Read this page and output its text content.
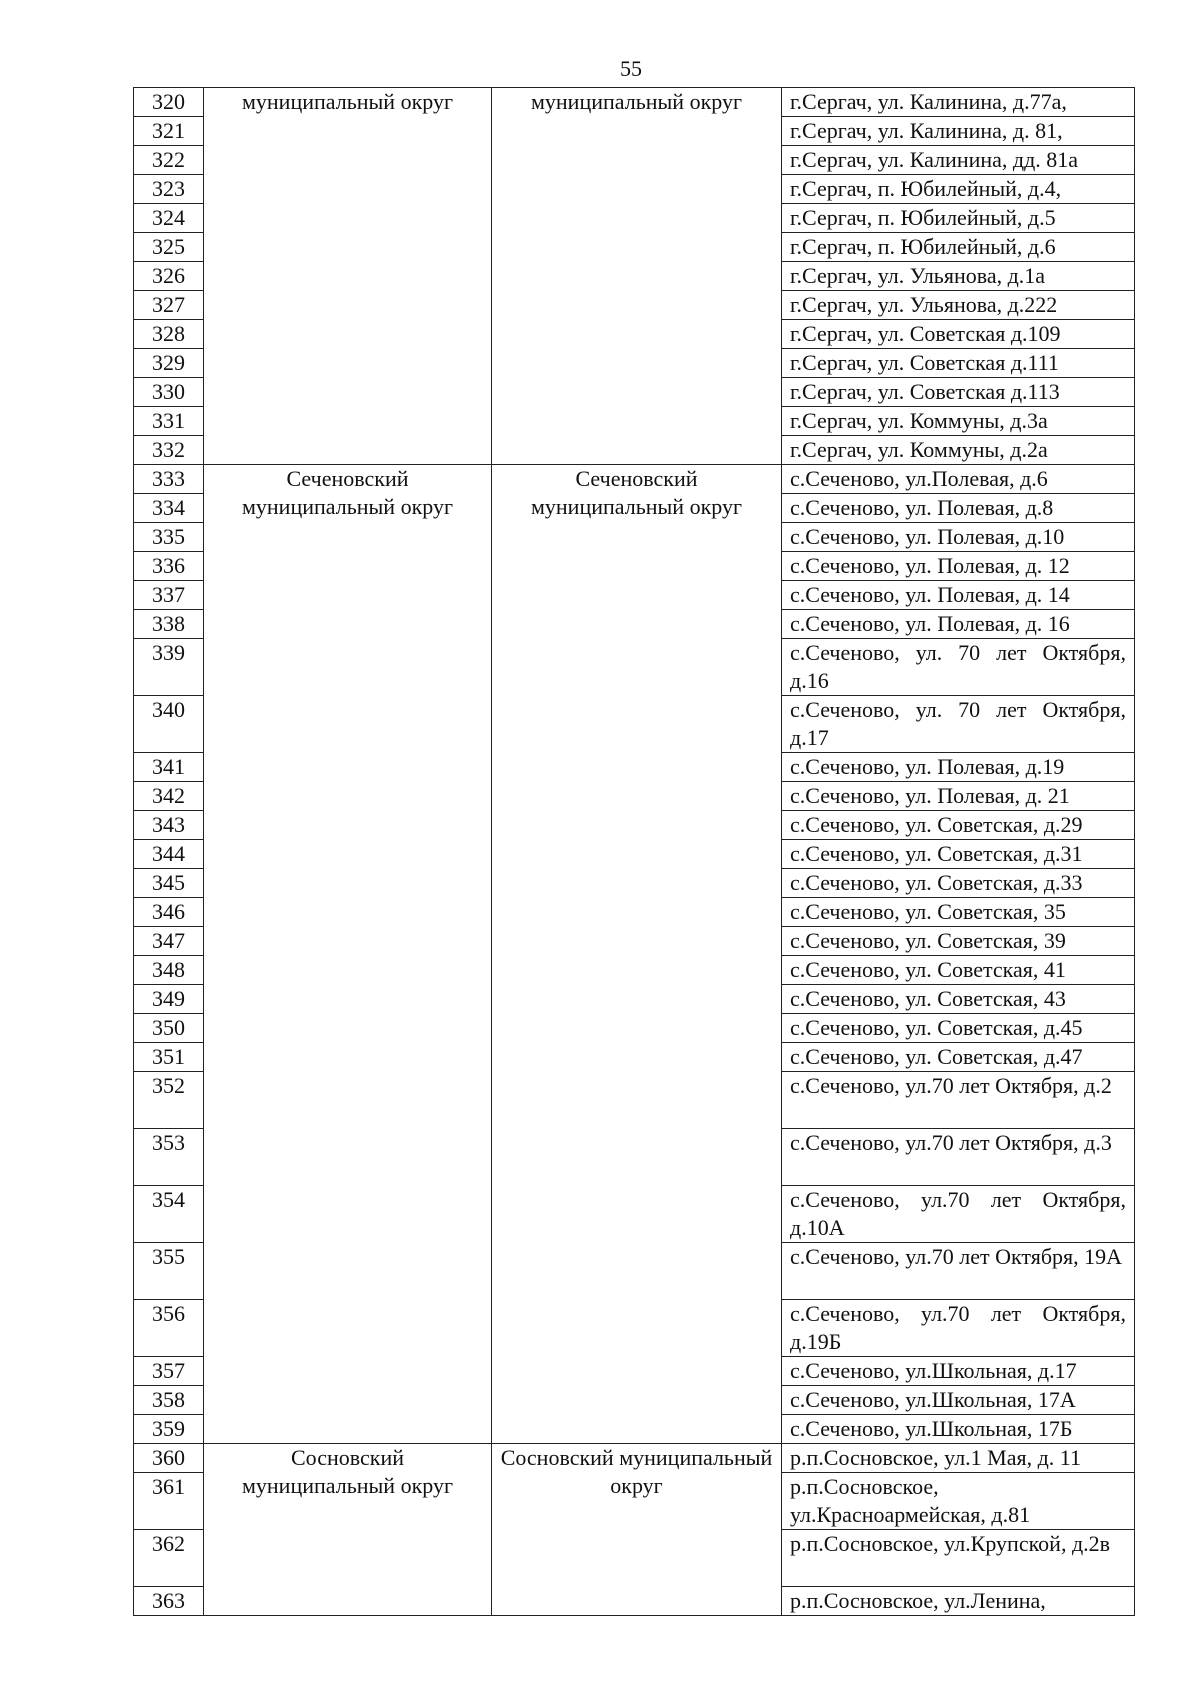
55
320	муниципальный округ	муниципальный округ	г.Сергач, ул. Калинина, д.77а,
321			г.Сергач, ул. Калинина, д. 81,
322			г.Сергач, ул. Калинина, дд. 81а
323			г.Сергач, п. Юбилейный, д.4,
324			г.Сергач, п. Юбилейный, д.5
325			г.Сергач, п. Юбилейный, д.6
326			г.Сергач, ул. Ульянова, д.1а
327			г.Сергач, ул. Ульянова, д.222
328			г.Сергач, ул. Советская д.109
329			г.Сергач, ул. Советская д.111
330			г.Сергач, ул. Советская д.113
331			г.Сергач, ул. Коммуны, д.3а
332			г.Сергач, ул. Коммуны, д.2а
333	Сеченовский муниципальный округ	Сеченовский муниципальный округ	с.Сеченово, ул.Полевая, д.6
334			с.Сеченово, ул. Полевая, д.8
335			с.Сеченово, ул. Полевая, д.10
336			с.Сеченово, ул. Полевая, д. 12
337			с.Сеченово, ул. Полевая, д. 14
338			с.Сеченово, ул. Полевая, д. 16
339			с.Сеченово, ул. 70 лет Октября, д.16
340			с.Сеченово, ул. 70 лет Октября, д.17
341			с.Сеченово, ул. Полевая, д.19
342			с.Сеченово, ул. Полевая, д. 21
343			с.Сеченово, ул. Советская, д.29
344			с.Сеченово, ул. Советская, д.31
345			с.Сеченово, ул. Советская, д.33
346			с.Сеченово, ул. Советская, 35
347			с.Сеченово, ул. Советская, 39
348			с.Сеченово, ул. Советская, 41
349			с.Сеченово, ул. Советская, 43
350			с.Сеченово, ул. Советская, д.45
351			с.Сеченово, ул. Советская, д.47
352			с.Сеченово, ул.70 лет Октября, д.2
353			с.Сеченово, ул.70 лет Октября, д.3
354			с.Сеченово, ул.70 лет Октября, д.10А
355			с.Сеченово, ул.70 лет Октября, 19А
356			с.Сеченово, ул.70 лет Октября, д.19Б
357			с.Сеченово, ул.Школьная, д.17
358			с.Сеченово, ул.Школьная, 17А
359			с.Сеченово, ул.Школьная, 17Б
360	Сосновский муниципальный округ	Сосновский муниципальный округ	р.п.Сосновское, ул.1 Мая, д. 11
361			р.п.Сосновское, ул.Красноармейская, д.81
362			р.п.Сосновское, ул.Крупской, д.2в
363			р.п.Сосновское, ул.Ленина,
